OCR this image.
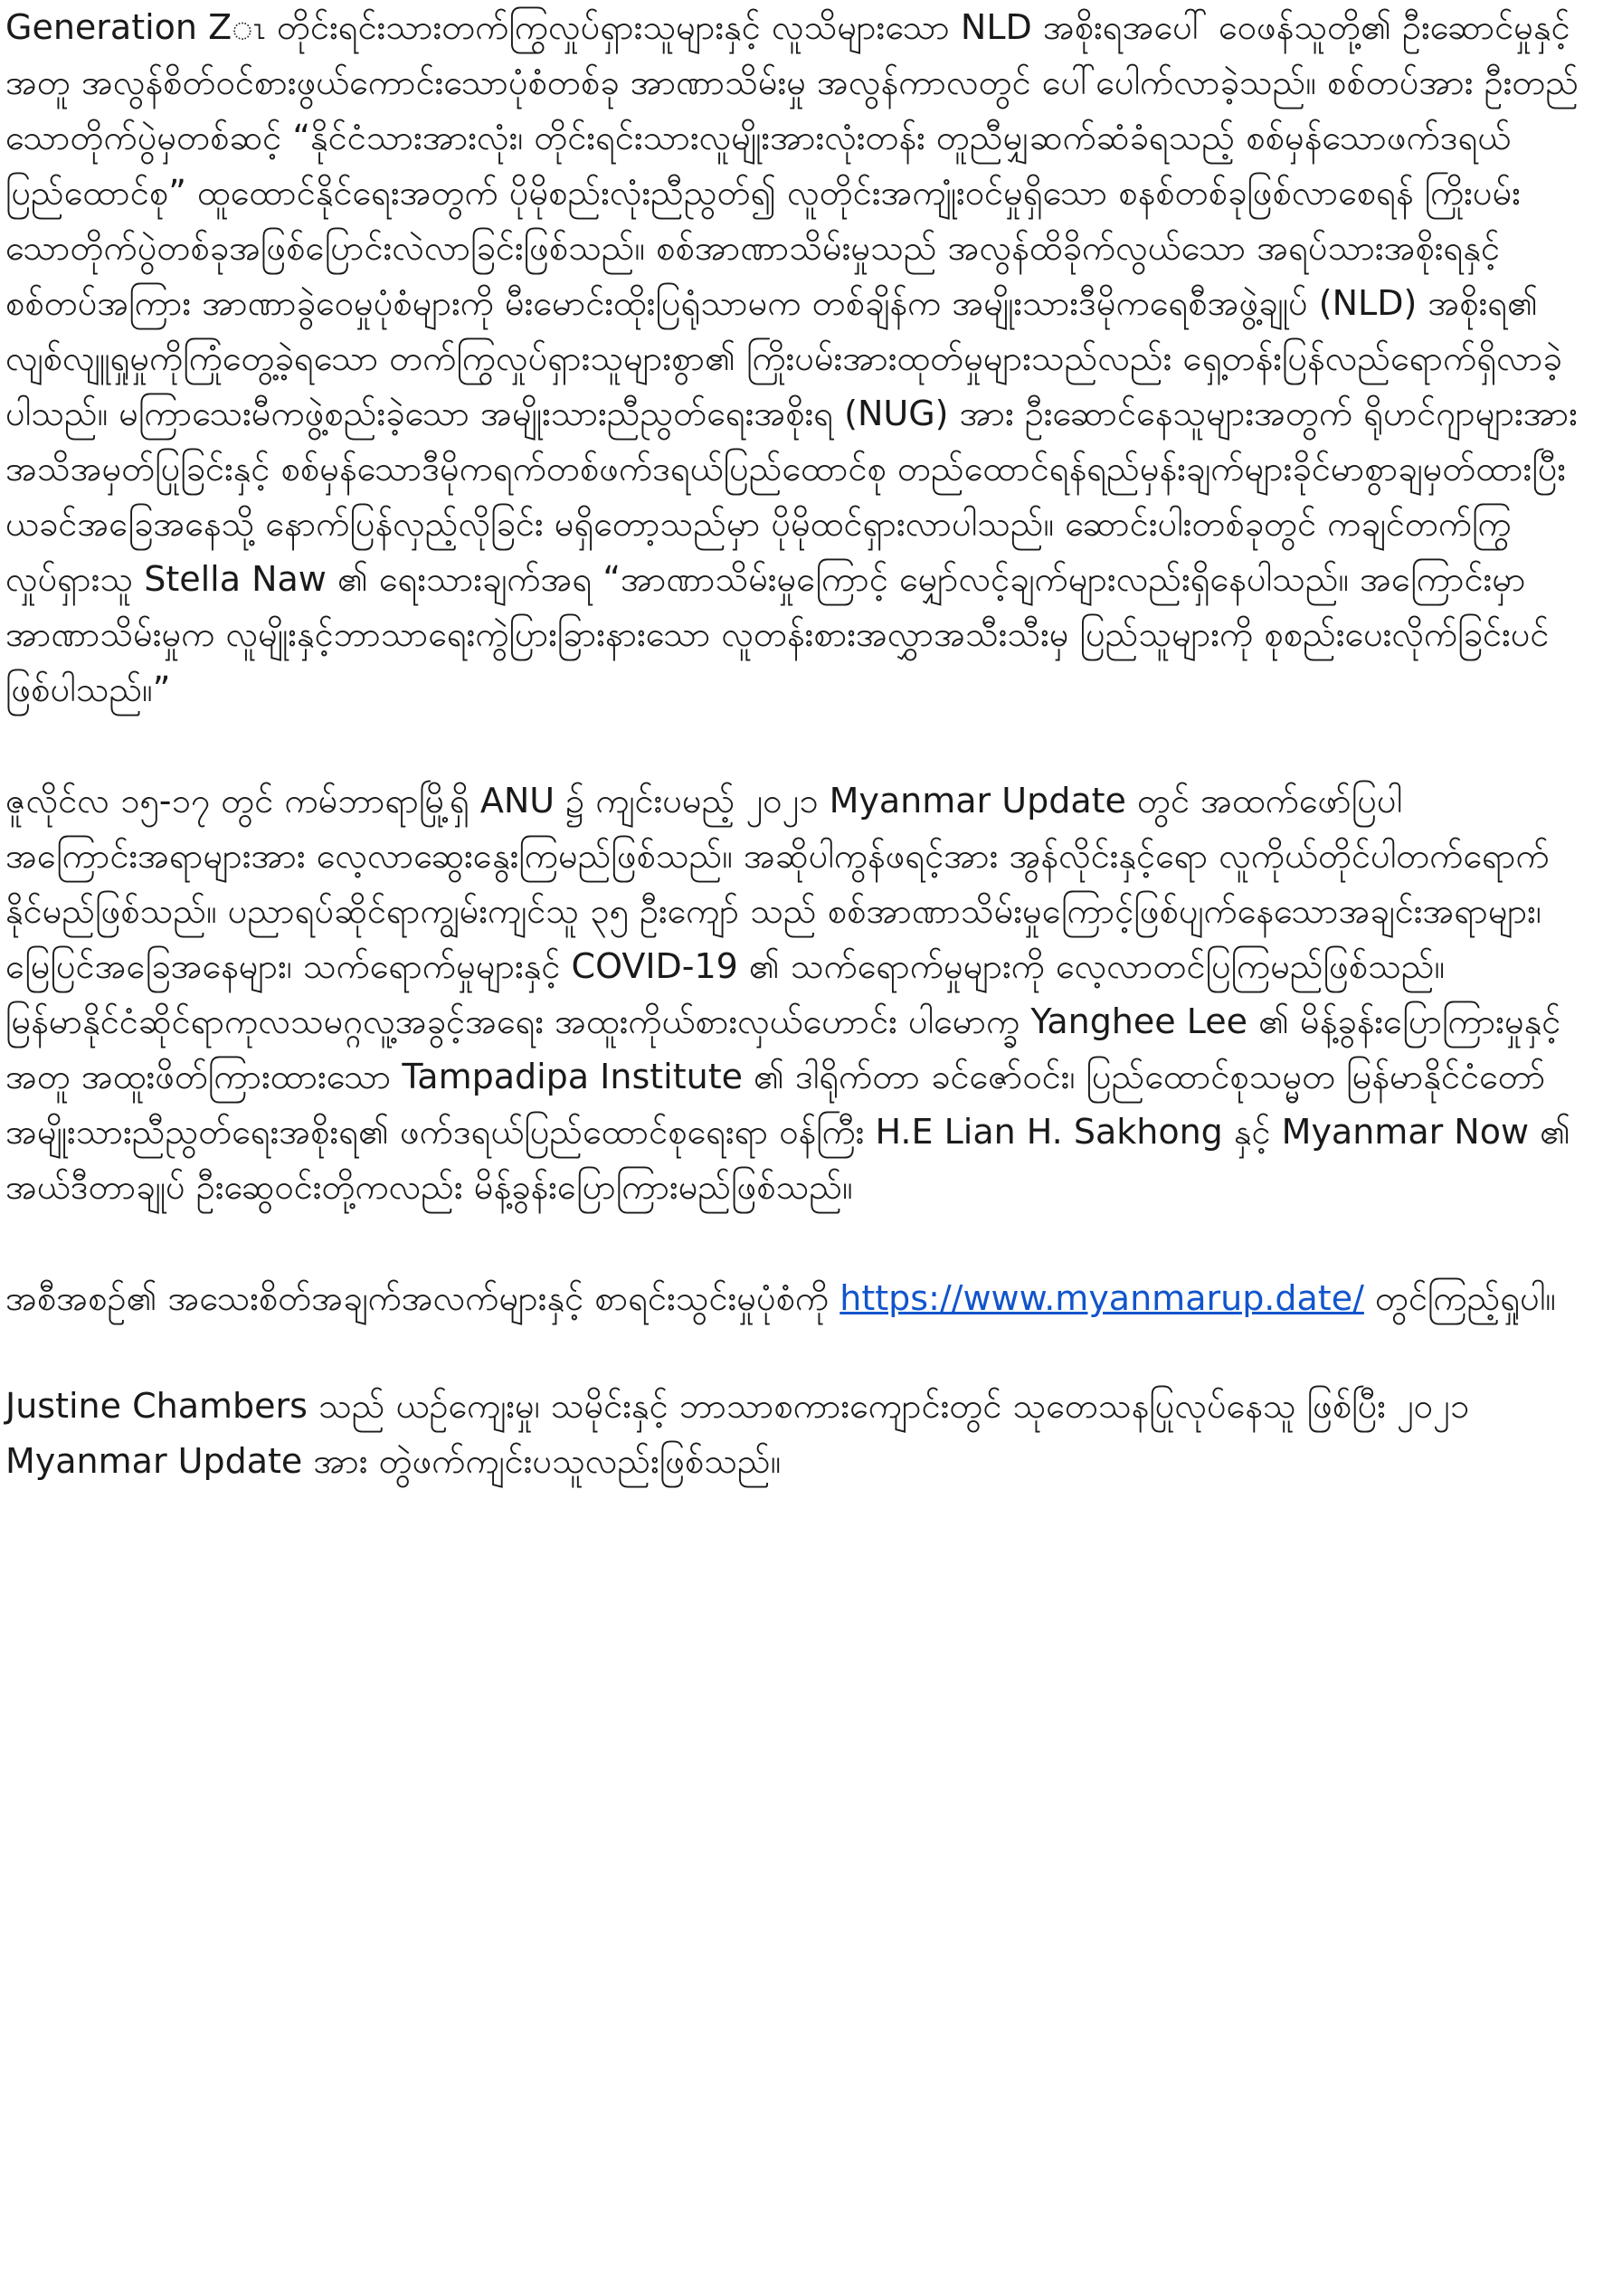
Generation Zၤ တိုင်းရင်းသားတက်ကြွလှုပ်ရှားသူများနှင့် လူသိများသော NLD အစိုးရအပေါ် ဝေဖန်သူတို့၏ ဦးဆောင်မှုနှင့်အတူ အလွန်စိတ်ဝင်စားဖွယ်ကောင်းသောပုံစံတစ်ခု အာဏာသိမ်းမှု အလွန်ကာလတွင် ပေါ်ပေါက်လာခဲ့သည်။ စစ်တပ်အား ဦးတည်သောတိုက်ပွဲမှတစ်ဆင့် “နိုင်ငံသားအားလုံး၊ တိုင်းရင်းသားလူမျိုးအားလုံးတန်း တူညီမျှဆက်ဆံခံရသည့် စစ်မှန်သောဖက်ဒရယ်ပြည်ထောင်စု” ထူထောင်နိုင်ရေးအတွက် ပိုမိုစည်းလုံးညီညွတ်၍ လူတိုင်းအကျုံးဝင်မှုရှိသော စနစ်တစ်ခုဖြစ်လာစေရန် ကြိုးပမ်းသောတိုက်ပွဲတစ်ခုအဖြစ်ပြောင်းလဲလာခြင်းဖြစ်သည်။ စစ်အာဏာသိမ်းမှုသည် အလွန်ထိခိုက်လွယ်သော အရပ်သားအစိုးရနှင့် စစ်တပ်အကြား အာဏာခွဲဝေမှုပုံစံများကို မီးမောင်းထိုးပြရုံသာမက တစ်ချိန်က အမျိုးသားဒီမိုကရေစီအဖွဲ့ချုပ် (NLD) အစိုးရ၏ လျစ်လျူရှုမှုကိုကြုံတွေ့ခဲ့ရသော တက်ကြွလှုပ်ရှားသူများစွာ၏ ကြိုးပမ်းအားထုတ်မှုများသည်လည်း ရှေ့တန်းပြန်လည်ရောက်ရှိလာခဲ့ပါသည်။ မကြာသေးမီကဖွဲ့စည်းခဲ့သော အမျိုးသားညီညွတ်ရေးအစိုးရ (NUG) အား ဦးဆောင်နေသူများအတွက် ရိုဟင်ဂျာများအားအသိအမှတ်ပြုခြင်းနှင့် စစ်မှန်သောဒီမိုကရက်တစ်ဖက်ဒရယ်ပြည်ထောင်စု တည်ထောင်ရန်ရည်မှန်းချက်များခိုင်မာစွာချမှတ်ထားပြီး ယခင်အခြေအနေသို့ နောက်ပြန်လှည့်လိုခြင်း မရှိတော့သည်မှာ ပိုမိုထင်ရှားလာပါသည်။ ဆောင်းပါးတစ်ခုတွင် ကချင်တက်ကြွလှုပ်ရှားသူ Stella Naw ၏ ရေးသားချက်အရ “အာဏာသိမ်းမှုကြောင့် မျှော်လင့်ချက်များလည်းရှိနေပါသည်။ အကြောင်းမှာ အာဏာသိမ်းမှုက လူမျိုးနှင့်ဘာသာရေးကွဲပြားခြားနားသော လူတန်းစားအလွှာအသီးသီးမှ ပြည်သူများကို စုစည်းပေးလိုက်ခြင်းပင်ဖြစ်ပါသည်။”

ဇူလိုင်လ ၁၅-၁၇ တွင် ကမ်ဘာရာမြို့ရှိ ANU ၌ ကျင်းပမည့် ၂၀၂၁ Myanmar Update တွင် အထက်ဖော်ပြပါအကြောင်းအရာများအား လေ့လာဆွေးနွေးကြမည်ဖြစ်သည်။ အဆိုပါကွန်ဖရင့်အား အွန်လိုင်းနှင့်ရော လူကိုယ်တိုင်ပါတက်ရောက်နိုင်မည်ဖြစ်သည်။ ပညာရပ်ဆိုင်ရာကျွမ်းကျင်သူ ၃၅ ဦးကျော် သည် စစ်အာဏာသိမ်းမှုကြောင့်ဖြစ်ပျက်နေသောအချင်းအရာများ၊ မြေပြင်အခြေအနေများ၊ သက်ရောက်မှုများနှင့် COVID-19 ၏ သက်ရောက်မှုများကို လေ့လာတင်ပြကြမည်ဖြစ်သည်။ မြန်မာနိုင်ငံဆိုင်ရာကုလသမဂ္ဂလူ့အခွင့်အရေး အထူးကိုယ်စားလှယ်ဟောင်း ပါမောက္ခ Yanghee Lee ၏ မိန့်ခွန်းပြောကြားမှုနှင့်အတူ အထူးဖိတ်ကြားထားသော Tampadipa Institute ၏ ဒါရိုက်တာ ခင်ဇော်ဝင်း၊ ပြည်ထောင်စုသမ္မတ မြန်မာနိုင်ငံတော် အမျိုးသားညီညွတ်ရေးအစိုးရ၏ ဖက်ဒရယ်ပြည်ထောင်စုရေးရာ ဝန်ကြီး H.E Lian H. Sakhong နှင့် Myanmar Now ၏ အယ်ဒီတာချုပ် ဦးဆွေဝင်းတို့ကလည်း မိန့်ခွန်းပြောကြားမည်ဖြစ်သည်။

အစီအစဉ်၏ အသေးစိတ်အချက်အလက်များနှင့် စာရင်းသွင်းမှုပုံစံကို https://www.myanmarup.date/ တွင်ကြည့်ရှုပါ။

Justine Chambers သည် ယဉ်ကျေးမှု၊ သမိုင်းနှင့် ဘာသာစကားကျောင်းတွင် သုတေသနပြုလုပ်နေသူ ဖြစ်ပြီး ၂၀၂၁ Myanmar Update အား တွဲဖက်ကျင်းပသူလည်းဖြစ်သည်။
